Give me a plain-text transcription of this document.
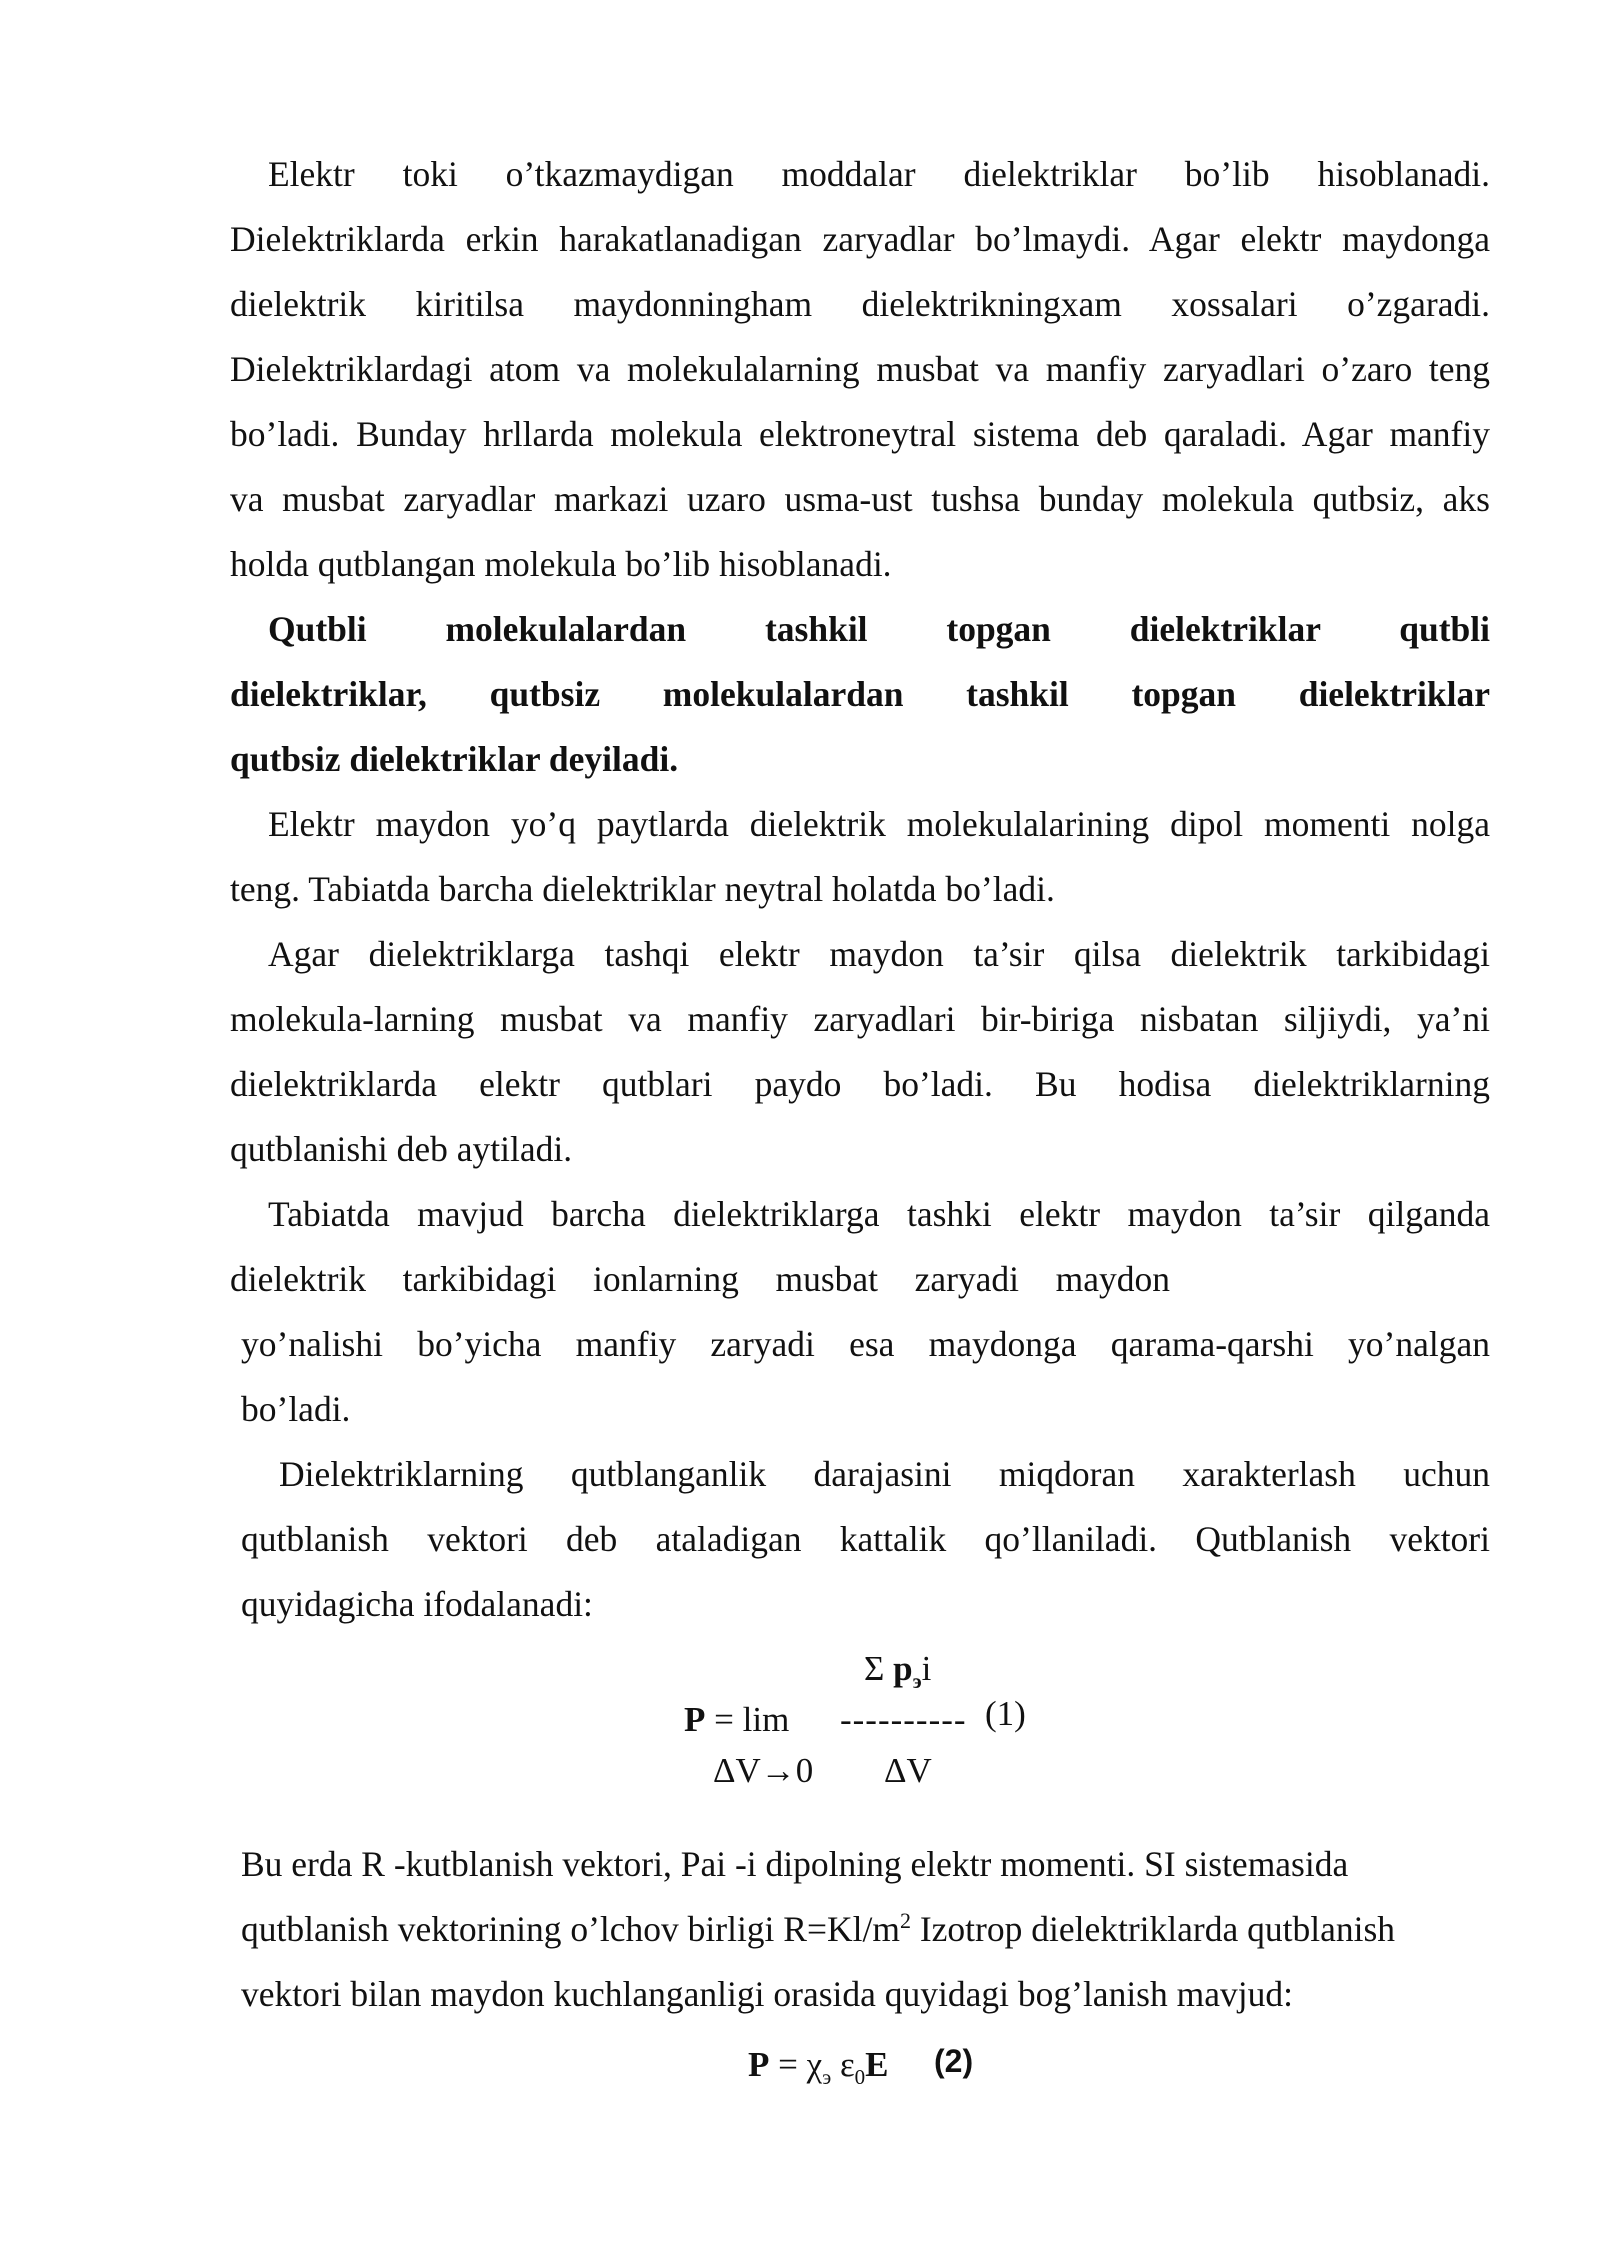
Elektr toki o’tkazmaydigan moddalar dielektriklar bo’lib hisoblanadi.

Dielektriklarda erkin harakatlanadigan zaryadlar bo’lmaydi. Agar elektr maydonga

dielektrik kiritilsa maydonningham dielektrikningxam xossalari o’zgaradi.

Dielektriklardagi atom va molekulalarning musbat va manfiy zaryadlari o’zaro teng

bo’ladi. Bunday hrllarda molekula elektroneytral sistema deb qaraladi. Agar manfiy

va musbat zaryadlar markazi uzaro usma-ust tushsa bunday molekula qutbsiz, aks

holda qutblangan molekula bo’lib hisoblanadi.

Qutbli molekulalardan tashkil topgan dielektriklar qutbli

dielektriklar, qutbsiz molekulalardan tashkil topgan dielektriklar

qutbsiz dielektriklar deyiladi.

Elektr maydon yo’q paytlarda dielektrik molekulalarining dipol momenti nolga

teng. Tabiatda barcha dielektriklar neytral holatda bo’ladi.

Agar dielektriklarga tashqi elektr maydon ta’sir qilsa dielektrik tarkibidagi

molekula-larning musbat va manfiy zaryadlari bir-biriga nisbatan siljiydi, ya’ni

dielektriklarda elektr qutblari paydo bo’ladi. Bu hodisa dielektriklarning

qutblanishi deb aytiladi.

Tabiatda mavjud barcha dielektriklarga tashki elektr maydon ta’sir qilganda

dielektrik tarkibidagi ionlarning musbat zaryadi maydon

yo’nalishi bo’yicha manfiy zaryadi esa maydonga qarama-qarshi yo’nalgan

bo’ladi.

Dielektriklarning qutblanganlik darajasini miqdoran xarakterlash uchun

qutblanish vektori deb ataladigan kattalik qo’llaniladi. Qutblanish vektori

quyidagicha ifodalanadi:

Σ $p_эi$
P = lim ---------- (1)
ΔV→0 ΔV

Bu erda R -kutblanish vektori, Pai -i dipolning elektr momenti. SI sistemasida

qutblanish vektorining o’lchov birligi $R=Kl/m^2$ Izotrop dielektriklarda qutblanish

vektori bilan maydon kuchlanganligi orasida quyidagi bog’lanish mavjud:

$P = \chi_э$ $\varepsilon_0E$ (2)
